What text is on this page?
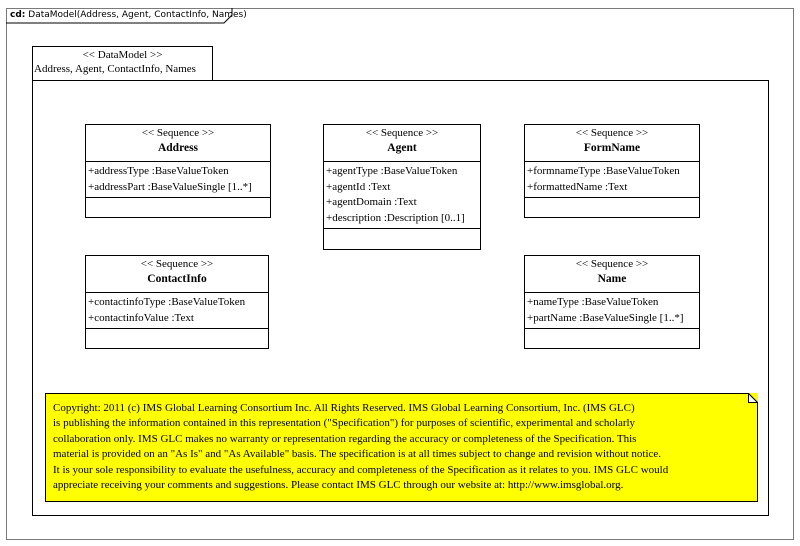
cd: DataModel(Address, Agent, ContactInfo, Names)
<< DataModel >>
Address, Agent, ContactInfo, Names
<< Sequence >>
Address
+addressType :BaseValueToken
+addressPart :BaseValueSingle [1..*]
<< Sequence >>
Agent
+agentType :BaseValueToken
+agentId :Text
+agentDomain :Text
+description :Description [0..1]
<< Sequence >>
FormName
+formnameType :BaseValueToken
+formattedName :Text
<< Sequence >>
ContactInfo
+contactinfoType :BaseValueToken
+contactinfoValue :Text
<< Sequence >>
Name
+nameType :BaseValueToken
+partName :BaseValueSingle [1..*]
Copyright: 2011 (c) IMS Global Learning Consortium Inc. All Rights Reserved. IMS Global Learning Consortium, Inc. (IMS GLC)
is publishing the information contained in this representation ("Specification") for purposes of scientific, experimental and scholarly
collaboration only. IMS GLC makes no warranty or representation regarding the accuracy or completeness of the Specification. This
material is provided on an "As Is" and "As Available" basis. The specification is at all times subject to change and revision without notice.
It is your sole responsibility to evaluate the usefulness, accuracy and completeness of the Specification as it relates to you. IMS GLC would
appreciate receiving your comments and suggestions. Please contact IMS GLC through our website at: http://www.imsglobal.org.
